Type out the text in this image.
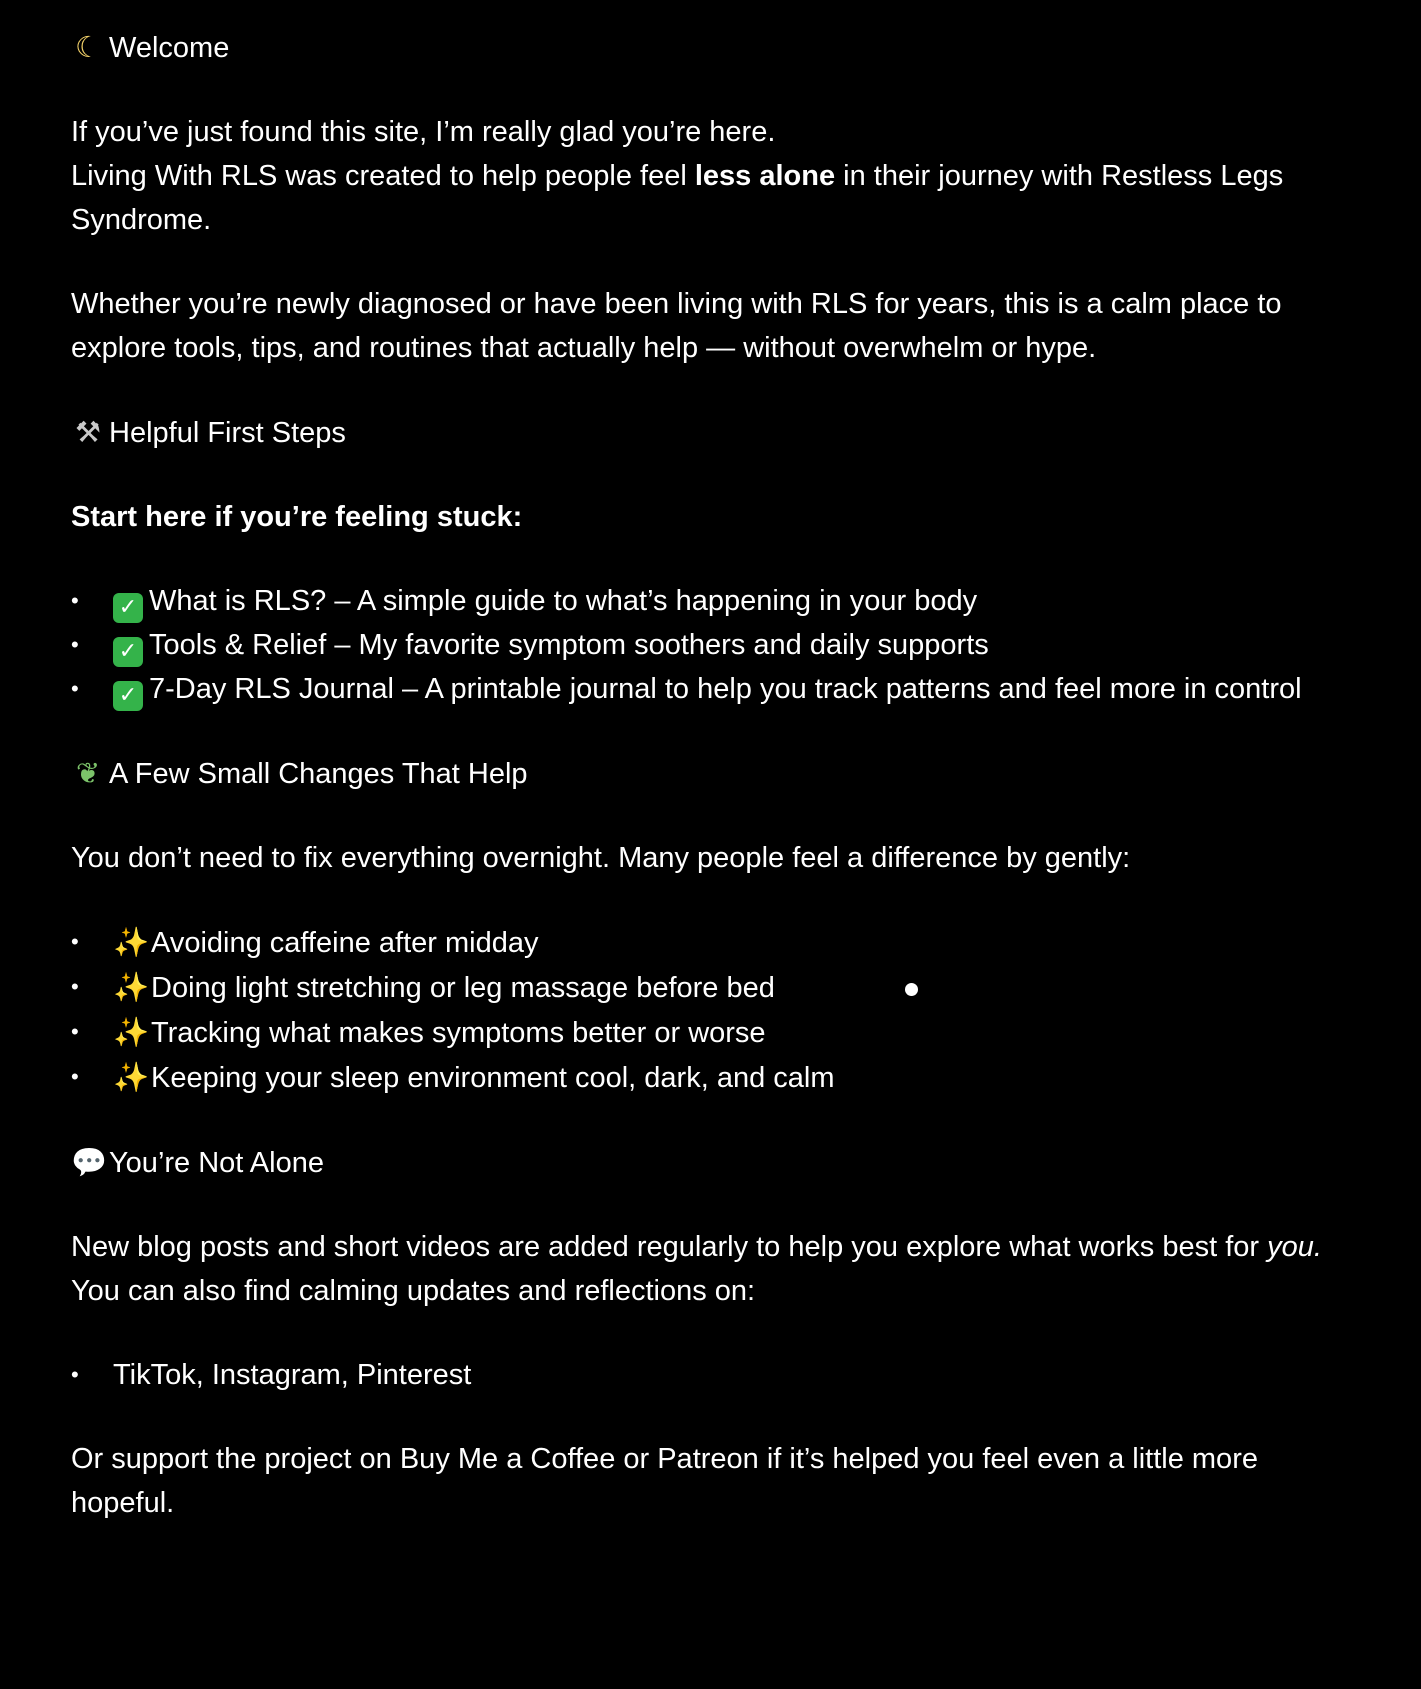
☾ Welcome

If you’ve just found this site, I’m really glad you’re here.
Living With RLS was created to help people feel less alone in their journey with Restless Legs Syndrome.

Whether you’re newly diagnosed or have been living with RLS for years, this is a calm place to explore tools, tips, and routines that actually help — without overwhelm or hype.

⚒ Helpful First Steps

Start here if you’re feeling stuck:

• ✓ What is RLS? – A simple guide to what’s happening in your body
• ✓ Tools & Relief – My favorite symptom soothers and daily supports
• ✓ 7-Day RLS Journal – A printable journal to help you track patterns and feel more in control

❦ A Few Small Changes That Help

You don’t need to fix everything overnight. Many people feel a difference by gently:

• ✨Avoiding caffeine after midday
• ✨Doing light stretching or leg massage before bed
• ✨Tracking what makes symptoms better or worse
• ✨Keeping your sleep environment cool, dark, and calm

💬You’re Not Alone

New blog posts and short videos are added regularly to help you explore what works best for you.
You can also find calming updates and reflections on:

• TikTok, Instagram, Pinterest

Or support the project on Buy Me a Coffee or Patreon if it’s helped you feel even a little more hopeful.
